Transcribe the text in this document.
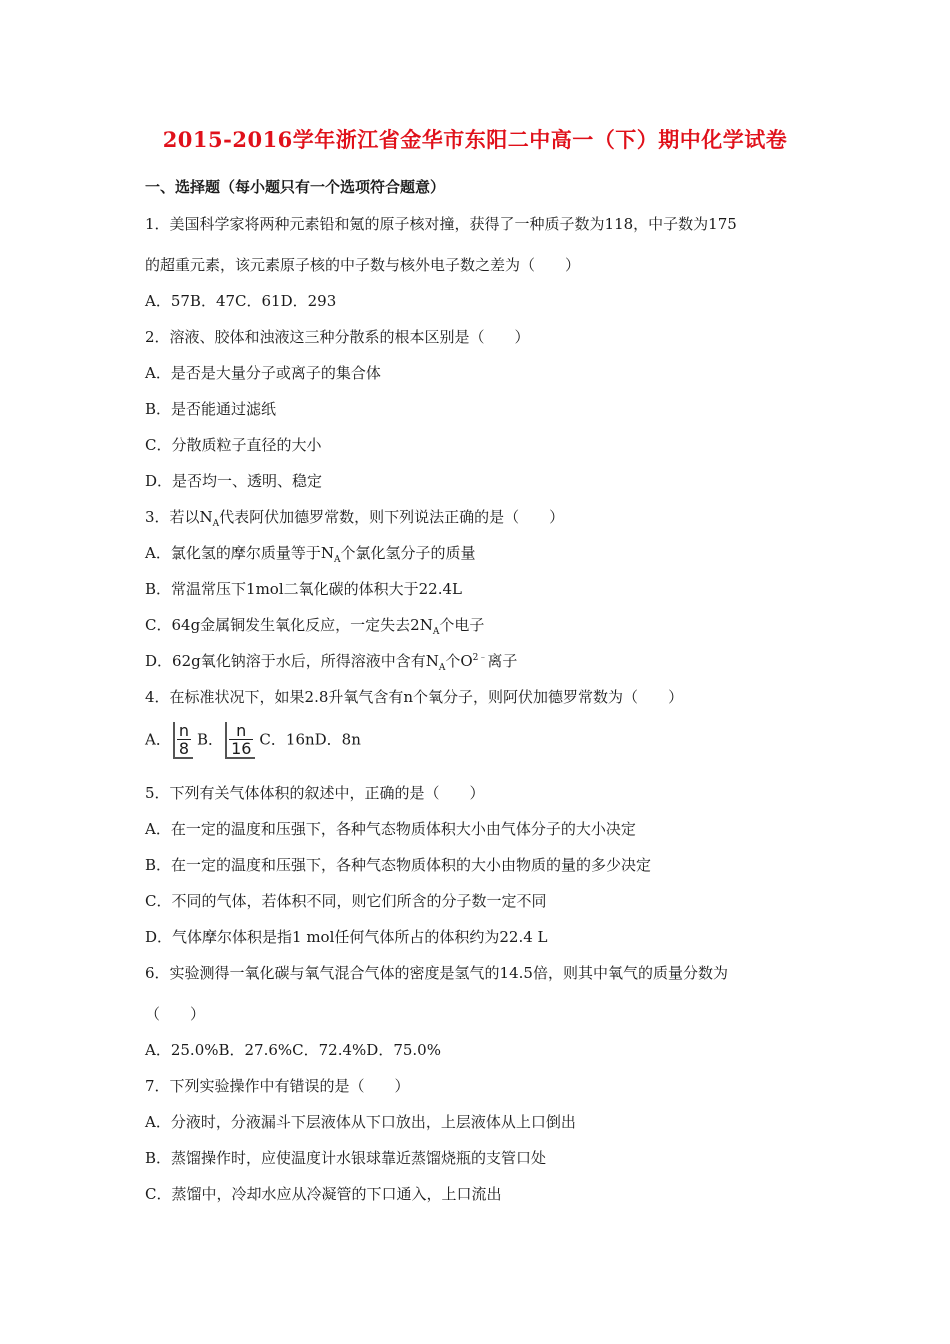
2015-2016学年浙江省金华市东阳二中高一（下）期中化学试卷
一、选择题（每小题只有一个选项符合题意）

1．美国科学家将两种元素铅和氪的原子核对撞，获得了一种质子数为118，中子数为175

的超重元素，该元素原子核的中子数与核外电子数之差为（　　）

A．57B．47C．61D．293

2．溶液、胶体和浊液这三种分散系的根本区别是（　　）

A．是否是大量分子或离子的集合体

B．是否能通过滤纸

C．分散质粒子直径的大小

D．是否均一、透明、稳定

3．若以$N_A$代表阿伏加德罗常数，则下列说法正确的是（　　）

A．氯化氢的摩尔质量等于$N_A$个氯化氢分子的质量

B．常温常压下1mol二氧化碳的体积大于22.4L

C．64g金属铜发生氧化反应，一定失去$2N_A$个电子

D．62g氧化钠溶于水后，所得溶液中含有$N_A$个$O^{2﹣}$离子

4．在标准状况下，如果2.8升氧气含有n个氧分子，则阿伏加德罗常数为（　　）

A． $\frac{n}{8}$ B． $\frac{n}{16}$ C．16nD．8n

5．下列有关气体体积的叙述中，正确的是（　　）

A．在一定的温度和压强下，各种气态物质体积大小由气体分子的大小决定

B．在一定的温度和压强下，各种气态物质体积的大小由物质的量的多少决定

C．不同的气体，若体积不同，则它们所含的分子数一定不同

D．气体摩尔体积是指1 mol任何气体所占的体积约为22.4 L

6．实验测得一氧化碳与氧气混合气体的密度是氢气的14.5倍，则其中氧气的质量分数为

（　　）

A．25.0%B．27.6%C．72.4%D．75.0%

7．下列实验操作中有错误的是（　　）

A．分液时，分液漏斗下层液体从下口放出，上层液体从上口倒出

B．蒸馏操作时，应使温度计水银球靠近蒸馏烧瓶的支管口处

C．蒸馏中，冷却水应从冷凝管的下口通入，上口流出
